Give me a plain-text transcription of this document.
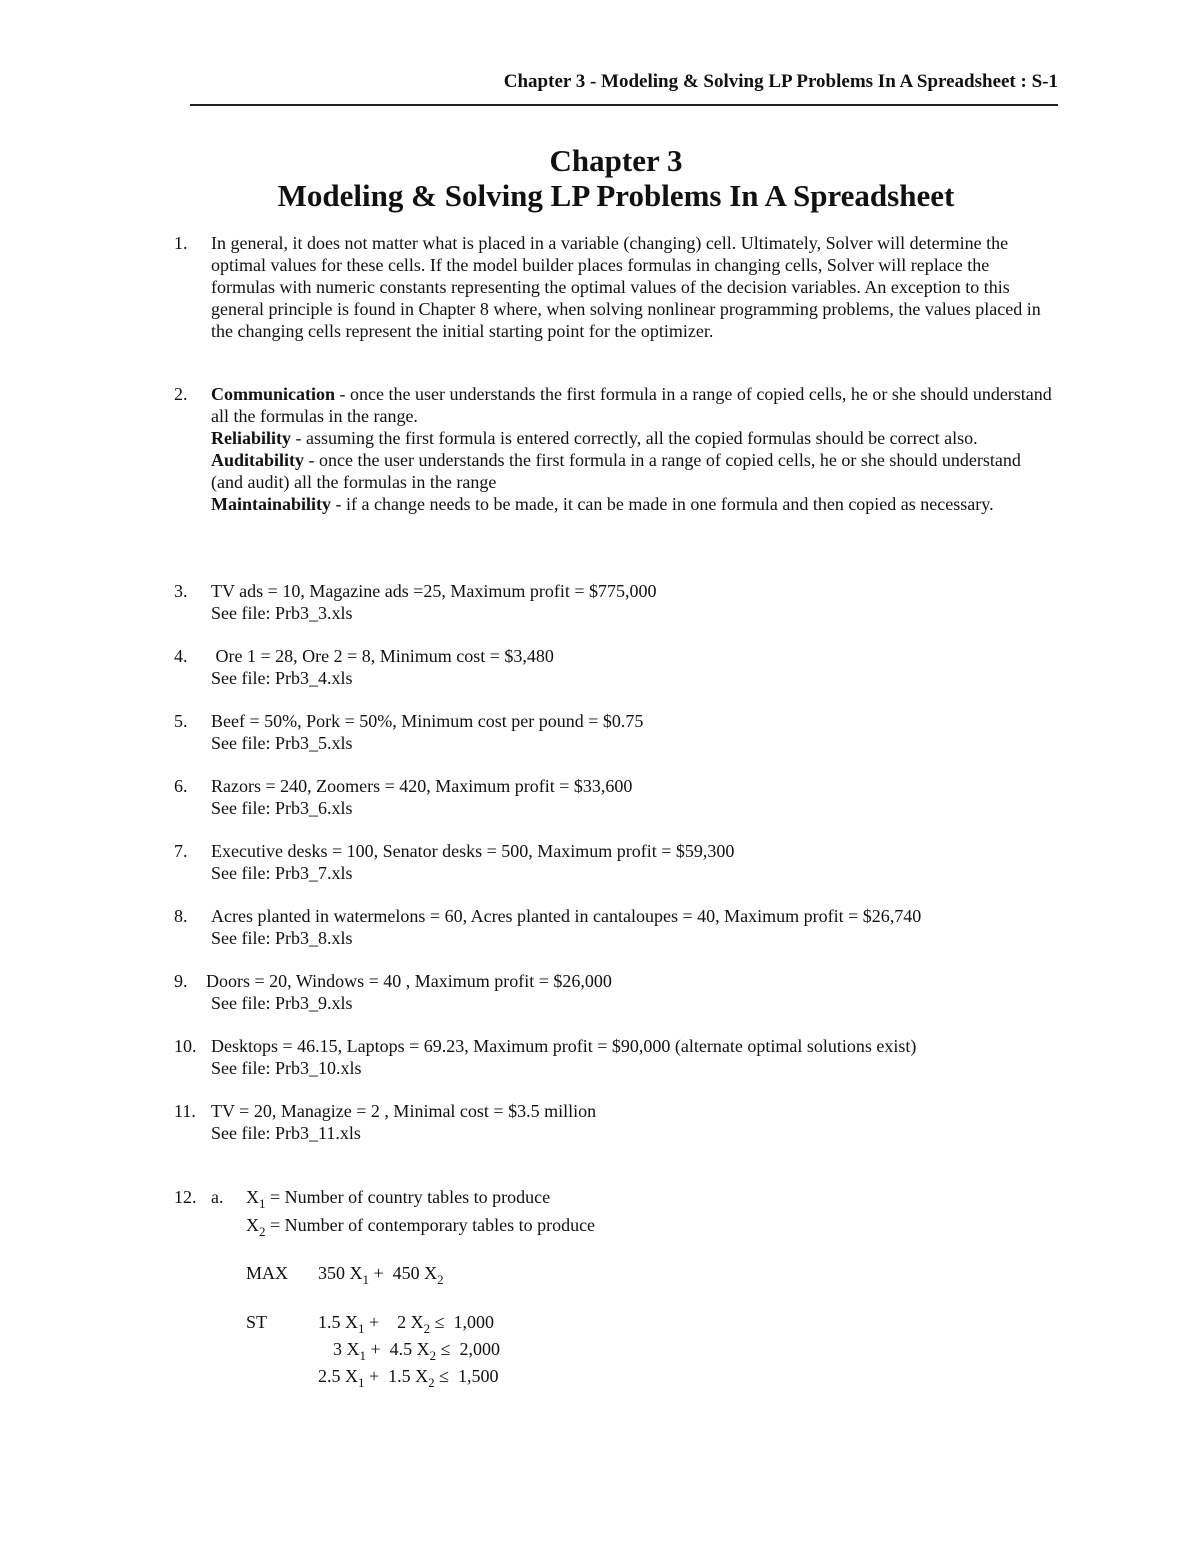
Chapter 3 - Modeling & Solving LP Problems In A Spreadsheet : S-1
Chapter 3
Modeling & Solving LP Problems In A Spreadsheet
1. In general, it does not matter what is placed in a variable (changing) cell. Ultimately, Solver will determine the optimal values for these cells. If the model builder places formulas in changing cells, Solver will replace the formulas with numeric constants representing the optimal values of the decision variables. An exception to this general principle is found in Chapter 8 where, when solving nonlinear programming problems, the values placed in the changing cells represent the initial starting point for the optimizer.

2. Communication - once the user understands the first formula in a range of copied cells, he or she should understand all the formulas in the range.

Reliability - assuming the first formula is entered correctly, all the copied formulas should be correct also.

Auditability - once the user understands the first formula in a range of copied cells, he or she should understand (and audit) all the formulas in the range

Maintainability - if a change needs to be made, it can be made in one formula and then copied as necessary.

3. TV ads = 10, Magazine ads =25, Maximum profit = $775,000

See file: Prb3_3.xls

4. Ore 1 = 28, Ore 2 = 8, Minimum cost = $3,480

See file: Prb3_4.xls

5. Beef = 50%, Pork = 50%, Minimum cost per pound = $0.75

See file: Prb3_5.xls

6. Razors = 240, Zoomers = 420, Maximum profit = $33,600

See file: Prb3_6.xls

7. Executive desks = 100, Senator desks = 500, Maximum profit = $59,300

See file: Prb3_7.xls

8. Acres planted in watermelons = 60, Acres planted in cantaloupes = 40, Maximum profit = $26,740

See file: Prb3_8.xls

9. Doors = 20, Windows = 40 , Maximum profit = $26,000

See file: Prb3_9.xls

10. Desktops = 46.15, Laptops = 69.23, Maximum profit = $90,000 (alternate optimal solutions exist)

See file: Prb3_10.xls

11. TV = 20, Managize = 2 , Minimal cost = $3.5 million

See file: Prb3_11.xls

12. a. $X_1$ = Number of country tables to produce
$X_2$ = Number of contemporary tables to produce
MAX 350 $X_1 + 450$ $X_2$
ST	1.5 $X_1$ +    2 $X_2 \le 1,000$
3 $X_1 + 4.5$ $X_2 \le 2,000$
2.5 $X_1 + 1.5$ $X_2 \le 1,500$
